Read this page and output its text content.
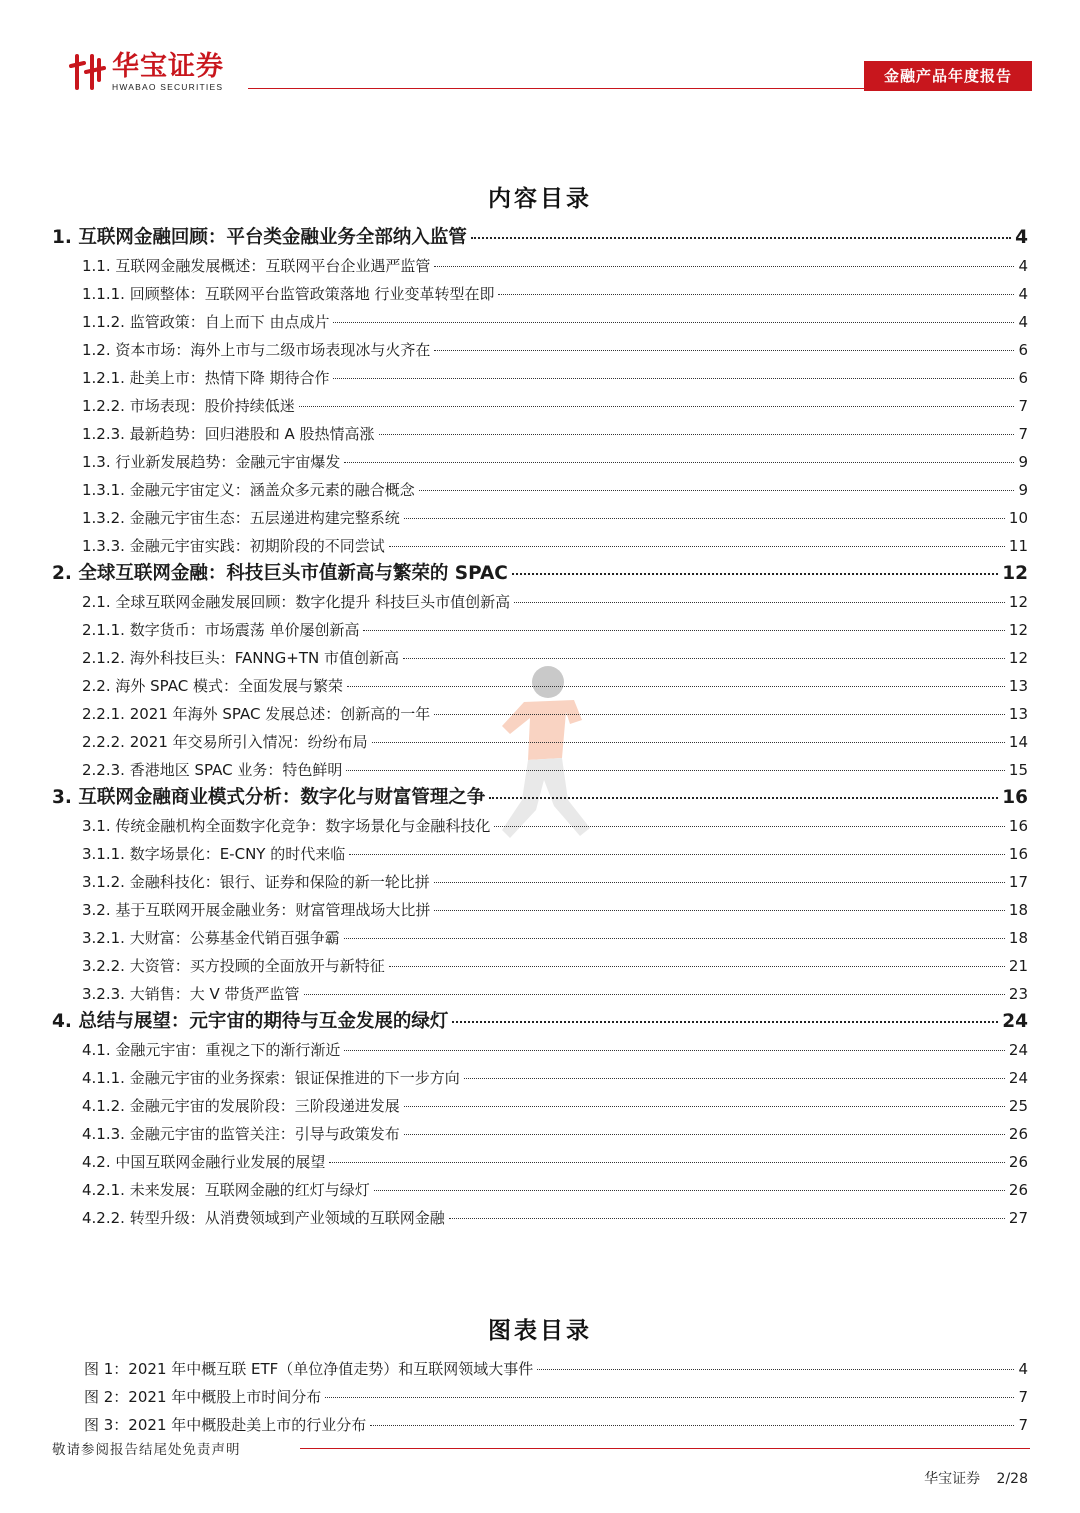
华宝证券
HWABAO SECURITIES
金融产品年度报告
内容目录
1. 互联网金融回顾：平台类金融业务全部纳入监管	4
1.1. 互联网金融发展概述：互联网平台企业遇严监管	4
1.1.1. 回顾整体：互联网平台监管政策落地 行业变革转型在即	4
1.1.2. 监管政策：自上而下 由点成片	4
1.2. 资本市场：海外上市与二级市场表现冰与火齐在	6
1.2.1. 赴美上市：热情下降 期待合作	6
1.2.2. 市场表现：股价持续低迷	7
1.2.3. 最新趋势：回归港股和 A 股热情高涨	7
1.3. 行业新发展趋势：金融元宇宙爆发	9
1.3.1. 金融元宇宙定义：涵盖众多元素的融合概念	9
1.3.2. 金融元宇宙生态：五层递进构建完整系统	10
1.3.3. 金融元宇宙实践：初期阶段的不同尝试	11
2. 全球互联网金融：科技巨头市值新高与繁荣的 SPAC	12
2.1. 全球互联网金融发展回顾：数字化提升 科技巨头市值创新高	12
2.1.1. 数字货币：市场震荡 单价屡创新高	12
2.1.2. 海外科技巨头：FANNG+TN 市值创新高	12
2.2. 海外 SPAC 模式：全面发展与繁荣	13
2.2.1. 2021 年海外 SPAC 发展总述：创新高的一年	13
2.2.2. 2021 年交易所引入情况：纷纷布局	14
2.2.3. 香港地区 SPAC 业务：特色鲜明	15
3. 互联网金融商业模式分析：数字化与财富管理之争	16
3.1. 传统金融机构全面数字化竞争：数字场景化与金融科技化	16
3.1.1. 数字场景化：E-CNY 的时代来临	16
3.1.2. 金融科技化：银行、证券和保险的新一轮比拼	17
3.2. 基于互联网开展金融业务：财富管理战场大比拼	18
3.2.1. 大财富：公募基金代销百强争霸	18
3.2.2. 大资管：买方投顾的全面放开与新特征	21
3.2.3. 大销售：大 V 带货严监管	23
4. 总结与展望：元宇宙的期待与互金发展的绿灯	24
4.1. 金融元宇宙：重视之下的渐行渐近	24
4.1.1. 金融元宇宙的业务探索：银证保推进的下一步方向	24
4.1.2. 金融元宇宙的发展阶段：三阶段递进发展	25
4.1.3. 金融元宇宙的监管关注：引导与政策发布	26
4.2. 中国互联网金融行业发展的展望	26
4.2.1. 未来发展：互联网金融的红灯与绿灯	26
4.2.2. 转型升级：从消费领域到产业领域的互联网金融	27
图表目录
图 1：2021 年中概互联 ETF（单位净值走势）和互联网领域大事件	4
图 2：2021 年中概股上市时间分布	7
图 3：2021 年中概股赴美上市的行业分布	7
敬请参阅报告结尾处免责声明
华宝证券 2/28
